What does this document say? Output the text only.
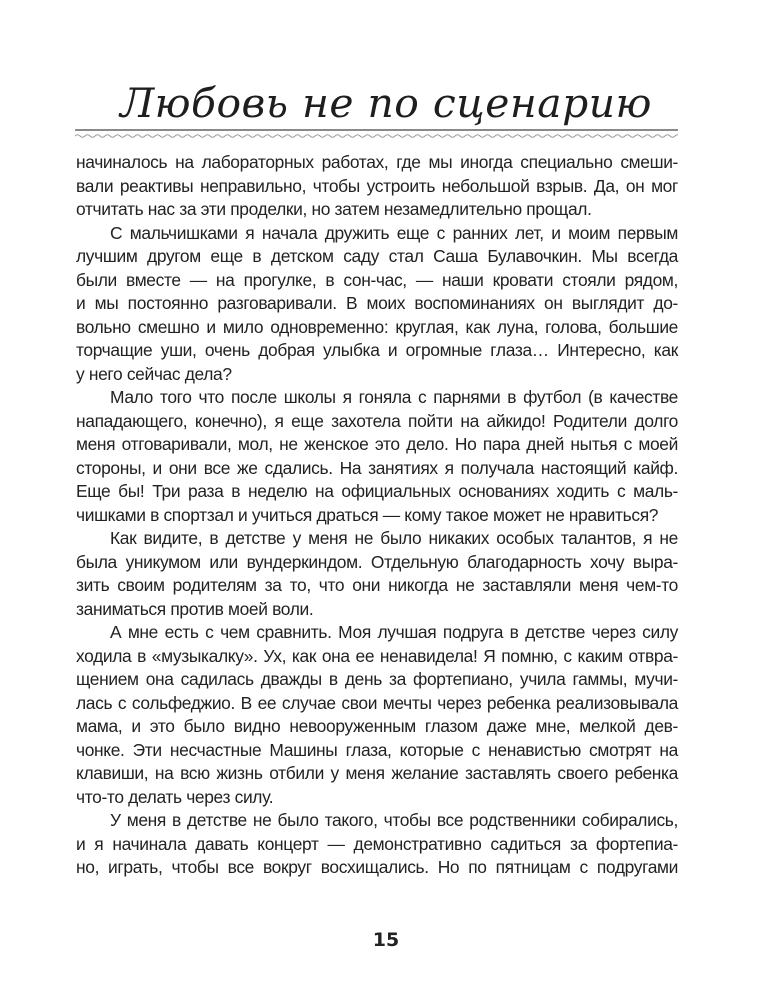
Любовь не по сценарию
начиналось на лабораторных работах, где мы иногда специально смеши-
вали реактивы неправильно, чтобы устроить небольшой взрыв. Да, он мог
отчитать нас за эти проделки, но затем незамедлительно прощал.
С мальчишками я начала дружить еще с ранних лет, и моим первым
лучшим другом еще в детском саду стал Саша Булавочкин. Мы всегда
были вместе — на прогулке, в сон-час, — наши кровати стояли рядом,
и мы постоянно разговаривали. В моих воспоминаниях он выглядит до-
вольно смешно и мило одновременно: круглая, как луна, голова, большие
торчащие уши, очень добрая улыбка и огромные глаза… Интересно, как
у него сейчас дела?
Мало того что после школы я гоняла с парнями в футбол (в качестве
нападающего, конечно), я еще захотела пойти на айкидо! Родители долго
меня отговаривали, мол, не женское это дело. Но пара дней нытья с моей
стороны, и они все же сдались. На занятиях я получала настоящий кайф.
Еще бы! Три раза в неделю на официальных основаниях ходить с маль-
чишками в спортзал и учиться драться — кому такое может не нравиться?
Как видите, в детстве у меня не было никаких особых талантов, я не
была уникумом или вундеркиндом. Отдельную благодарность хочу выра-
зить своим родителям за то, что они никогда не заставляли меня чем-то
заниматься против моей воли.
А мне есть с чем сравнить. Моя лучшая подруга в детстве через силу
ходила в «музыкалку». Ух, как она ее ненавидела! Я помню, с каким отвра-
щением она садилась дважды в день за фортепиано, учила гаммы, мучи-
лась с сольфеджио. В ее случае свои мечты через ребенка реализовывала
мама, и это было видно невооруженным глазом даже мне, мелкой дев-
чонке. Эти несчастные Машины глаза, которые с ненавистью смотрят на
клавиши, на всю жизнь отбили у меня желание заставлять своего ребенка
что-то делать через силу.
У меня в детстве не было такого, чтобы все родственники собирались,
и я начинала давать концерт — демонстративно садиться за фортепиа-
но, играть, чтобы все вокруг восхищались. Но по пятницам с подругами
15
